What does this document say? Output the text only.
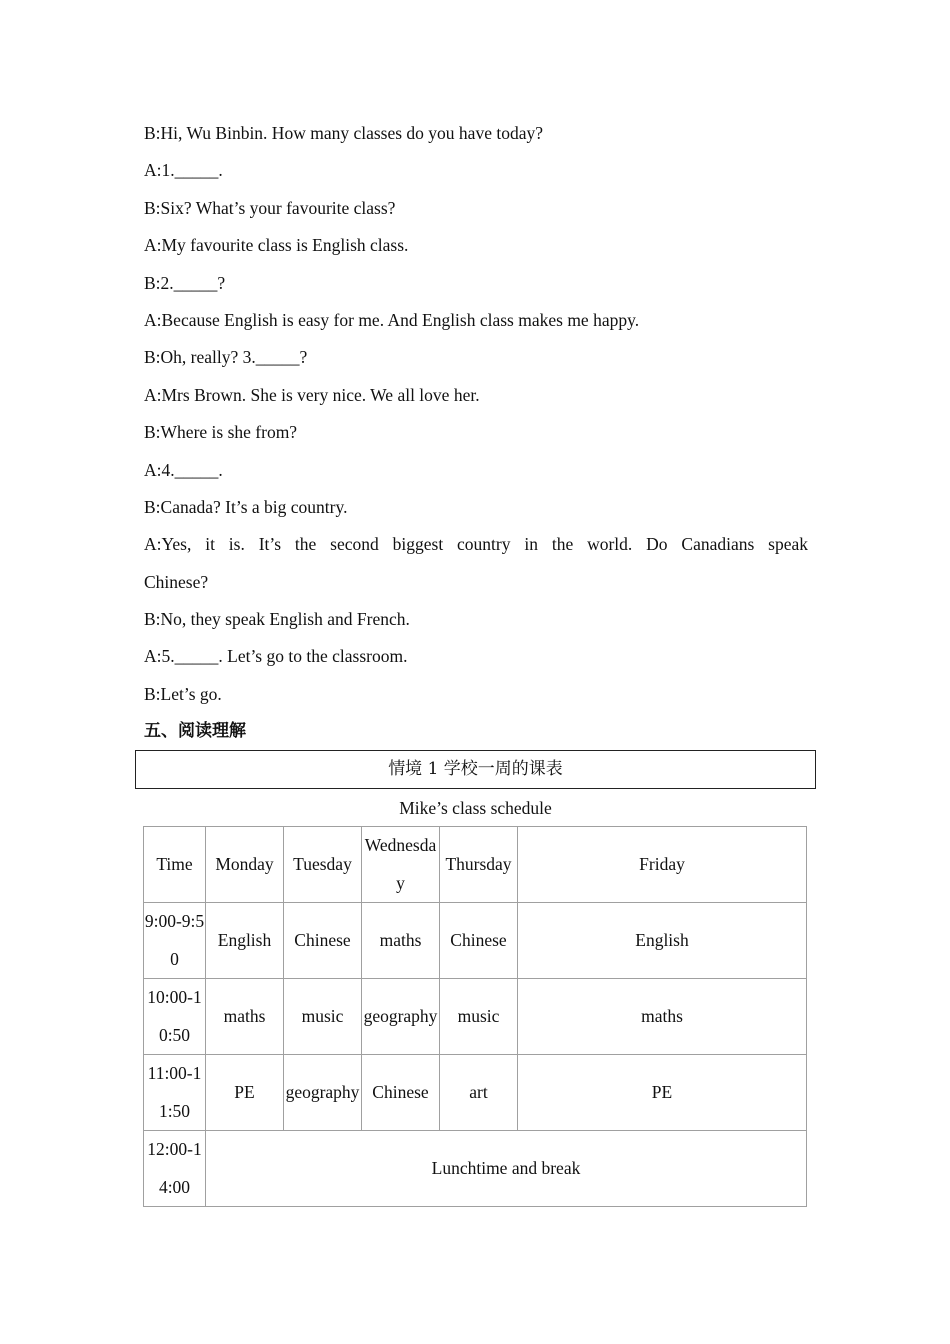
B:Hi, Wu Binbin. How many classes do you have today?
A:1._____.
B:Six? What’s your favourite class?
A:My favourite class is English class.
B:2._____?
A:Because English is easy for me. And English class makes me happy.
B:Oh, really? 3._____?
A:Mrs Brown. She is very nice. We all love her.
B:Where is she from?
A:4._____.
B:Canada? It’s a big country.
A:Yes, it is. It’s the second biggest country in the world. Do Canadians speak
Chinese?
B:No, they speak English and French.
A:5._____. Let’s go to the classroom.
B:Let’s go.
五、阅读理解
情境 1 学校一周的课表
Mike’s class schedule
Time	Monday	Tuesday	Wednesday	Thursday	Friday
9:00-9:50	English	Chinese	maths	Chinese	English
10:00-10:50	maths	music	geography	music	maths
11:00-11:50	PE	geography	Chinese	art	PE
12:00-14:00	Lunchtime and break				
